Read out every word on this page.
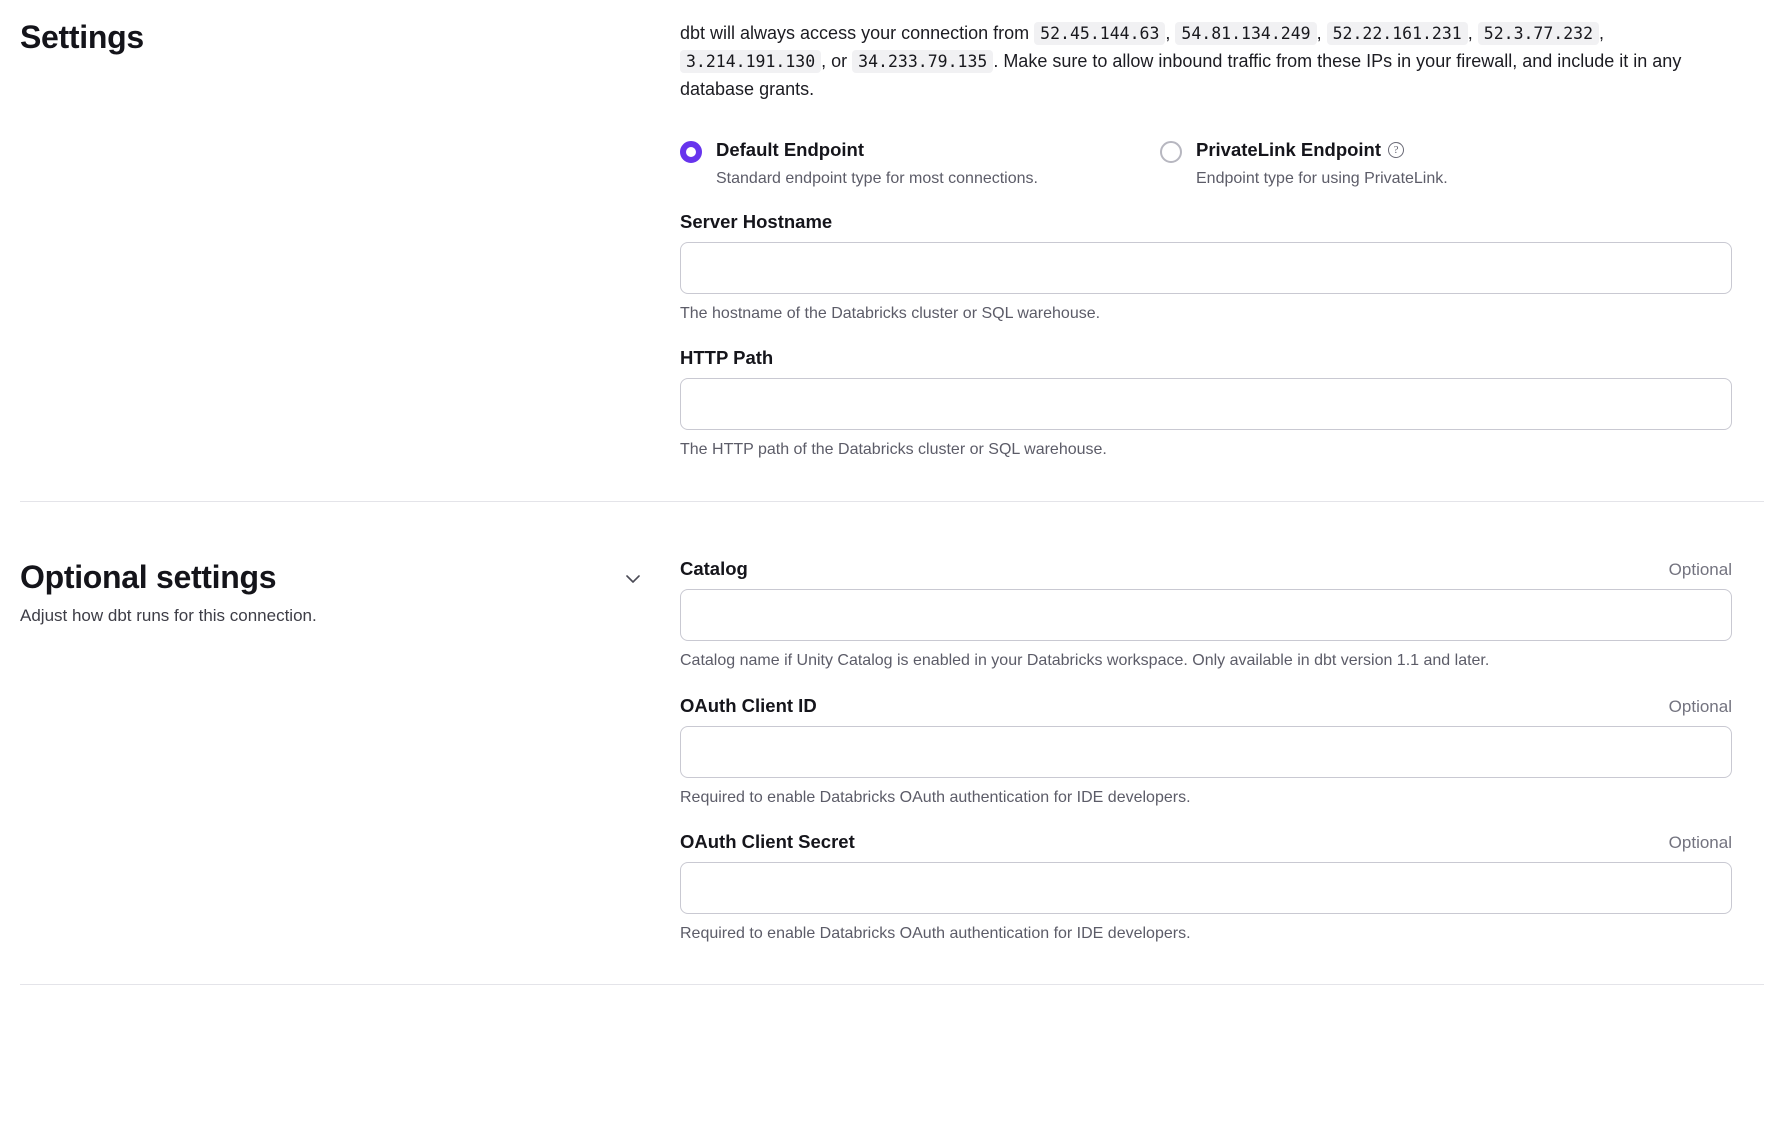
Settings	dbt will always access your connection from 52.45.144.63 , 54.81.134.249 , 52.22.161.231 , 52.3.77.232 , 3.214.191.130 , or 34.233.79.135 . Make sure to allow inbound traffic from these IPs in your firewall, and include it in any database grants.

Default Endpoint
Standard endpoint type for most connections.
PrivateLink Endpoint ?
Endpoint type for using PrivateLink.
Server Hostname
The hostname of the Databricks cluster or SQL warehouse.
HTTP Path
The HTTP path of the Databricks cluster or SQL warehouse.
Optional settings
Adjust how dbt runs for this connection.
Catalog	Optional
Catalog name if Unity Catalog is enabled in your Databricks workspace. Only available in dbt version 1.1 and later.
OAuth Client ID	Optional
Required to enable Databricks OAuth authentication for IDE developers.
OAuth Client Secret	Optional
Required to enable Databricks OAuth authentication for IDE developers.
